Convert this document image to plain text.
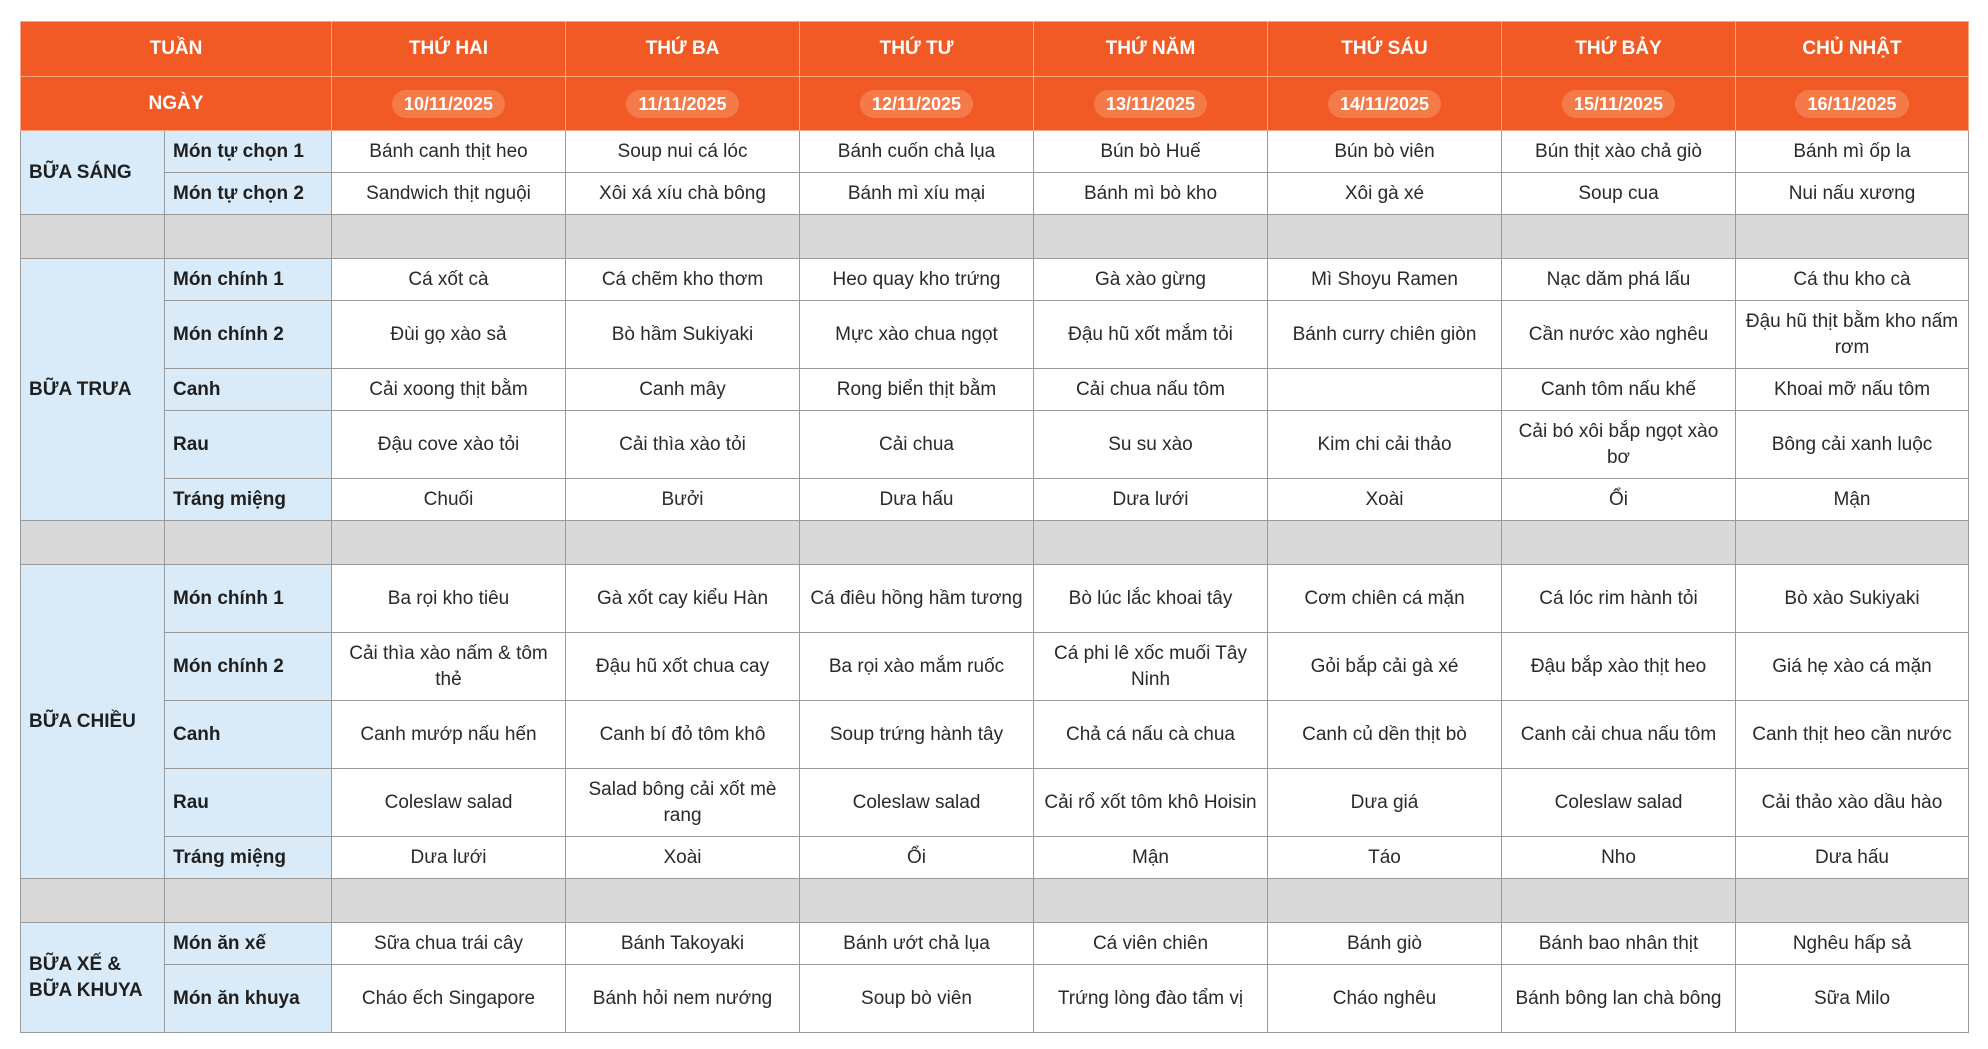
TUẦN		THỨ HAI	THỨ BA	THỨ TƯ	THỨ NĂM	THỨ SÁU	THỨ BẢY	CHỦ NHẬT
NGÀY		10/11/2025	11/11/2025	12/11/2025	13/11/2025	14/11/2025	15/11/2025	16/11/2025
BỮA SÁNG	Món tự chọn 1	Bánh canh thịt heo	Soup nui cá lóc	Bánh cuốn chả lụa	Bún bò Huế	Bún bò viên	Bún thịt xào chả giò	Bánh mì ốp la
	Món tự chọn 2	Sandwich thịt nguội	Xôi xá xíu chà bông	Bánh mì xíu mại	Bánh mì bò kho	Xôi gà xé	Soup cua	Nui nấu xương

BỮA TRƯA	Món chính 1	Cá xốt cà	Cá chẽm kho thơm	Heo quay kho trứng	Gà xào gừng	Mì Shoyu Ramen	Nạc dăm phá lấu	Cá thu kho cà
	Món chính 2	Đùi gọ xào sả	Bò hầm Sukiyaki	Mực xào chua ngọt	Đậu hũ xốt mắm tỏi	Bánh curry chiên giòn	Cần nước xào nghêu	Đậu hũ thịt bằm kho nấm rơm
	Canh	Cải xoong thịt bằm	Canh mây	Rong biển thịt bằm	Cải chua nấu tôm		Canh tôm nấu khế	Khoai mỡ nấu tôm
	Rau	Đậu cove xào tỏi	Cải thìa xào tỏi	Cải chua	Su su xào	Kim chi cải thảo	Cải bó xôi bắp ngọt xào bơ	Bông cải xanh luộc
	Tráng miệng	Chuối	Bưởi	Dưa hấu	Dưa lưới	Xoài	Ổi	Mận

BỮA CHIỀU	Món chính 1	Ba rọi kho tiêu	Gà xốt cay kiểu Hàn	Cá điêu hồng hầm tương	Bò lúc lắc khoai tây	Cơm chiên cá mặn	Cá lóc rim hành tỏi	Bò xào Sukiyaki
	Món chính 2	Cải thìa xào nấm & tôm thẻ	Đậu hũ xốt chua cay	Ba rọi xào mắm ruốc	Cá phi lê xốc muối Tây Ninh	Gỏi bắp cải gà xé	Đậu bắp xào thịt heo	Giá hẹ xào cá mặn
	Canh	Canh mướp nấu hến	Canh bí đỏ tôm khô	Soup trứng hành tây	Chả cá nấu cà chua	Canh củ dền thịt bò	Canh cải chua nấu tôm	Canh thịt heo cần nước
	Rau	Coleslaw salad	Salad bông cải xốt mè rang	Coleslaw salad	Cải rổ xốt tôm khô Hoisin	Dưa giá	Coleslaw salad	Cải thảo xào dầu hào
	Tráng miệng	Dưa lưới	Xoài	Ổi	Mận	Táo	Nho	Dưa hấu

BỮA XẾ & BỮA KHUYA	Món ăn xế	Sữa chua trái cây	Bánh Takoyaki	Bánh ướt chả lụa	Cá viên chiên	Bánh giò	Bánh bao nhân thịt	Nghêu hấp sả
	Món ăn khuya	Cháo ếch Singapore	Bánh hỏi nem nướng	Soup bò viên	Trứng lòng đào tẩm vị	Cháo nghêu	Bánh bông lan chà bông	Sữa Milo
